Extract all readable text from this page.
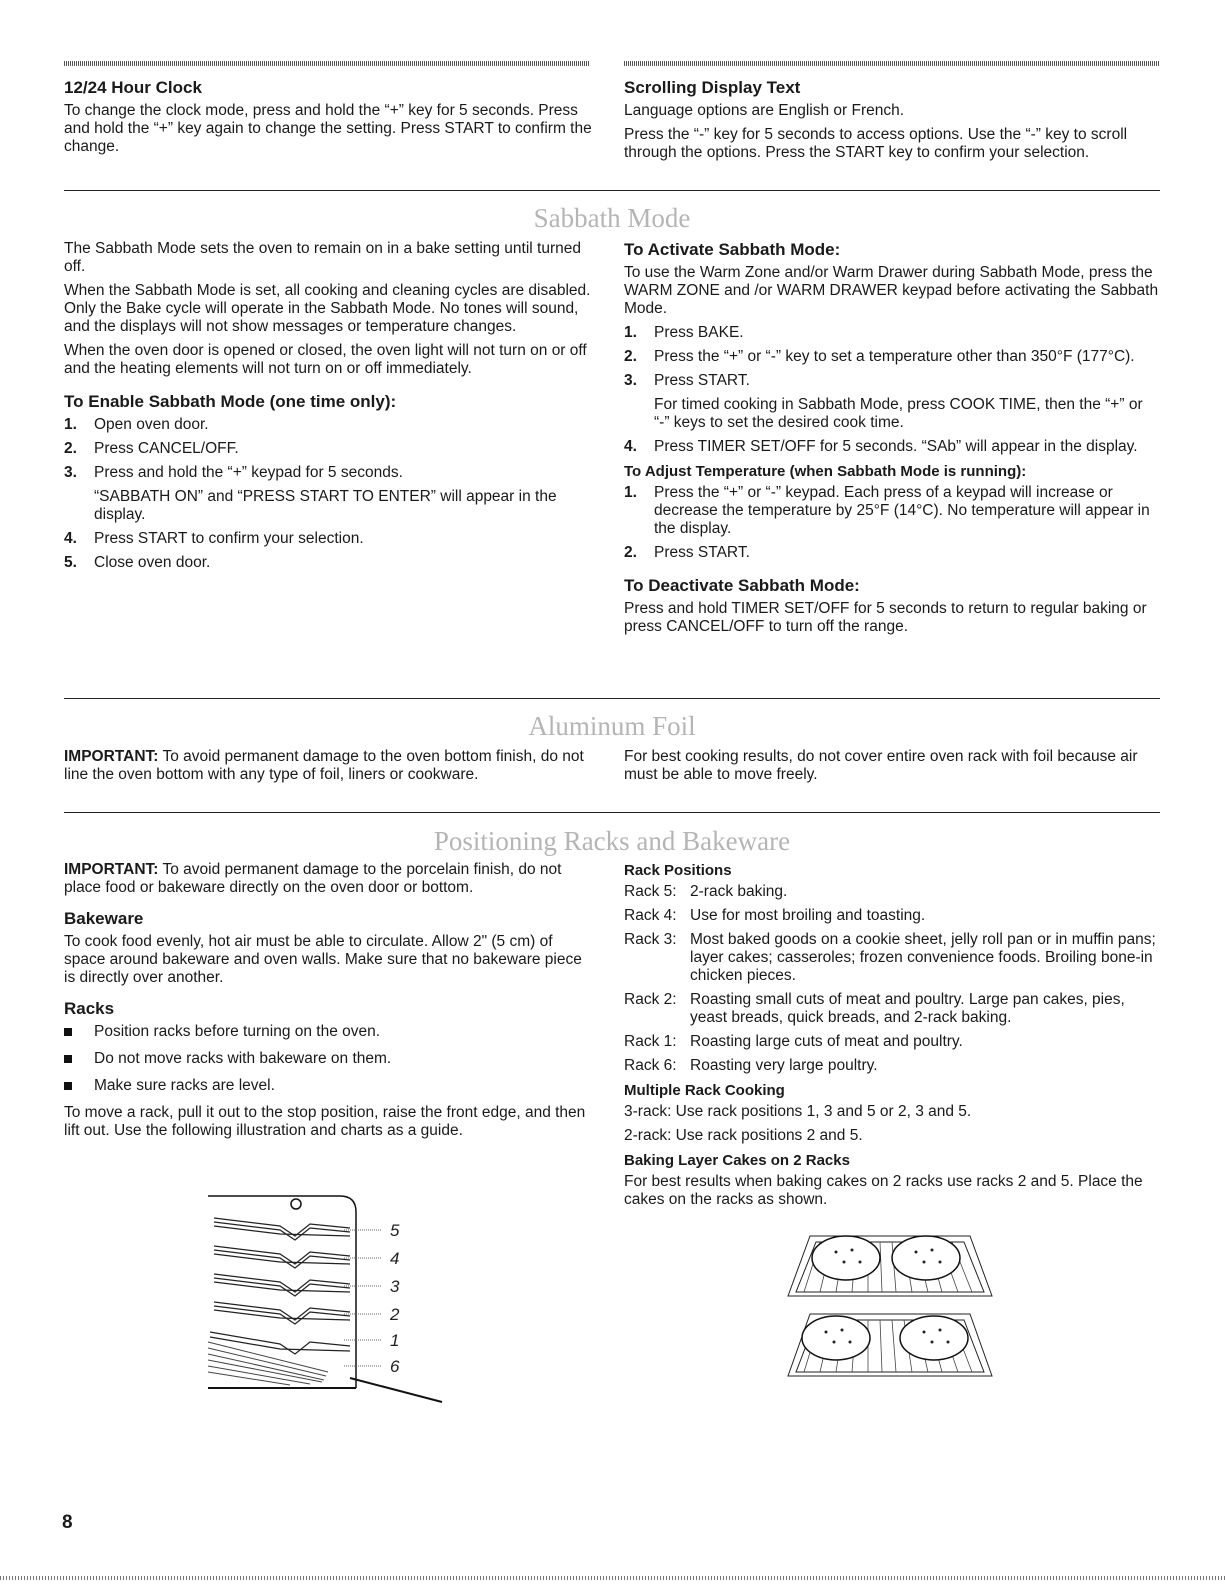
12/24 Hour Clock

To change the clock mode, press and hold the “+” key for 5 seconds. Press and hold the “+” key again to change the setting. Press START to confirm the change.

Scrolling Display Text

Language options are English or French.

Press the “-” key for 5 seconds to access options. Use the “-” key to scroll through the options. Press the START key to confirm your selection.

Sabbath Mode

The Sabbath Mode sets the oven to remain on in a bake setting until turned off.

When the Sabbath Mode is set, all cooking and cleaning cycles are disabled. Only the Bake cycle will operate in the Sabbath Mode. No tones will sound, and the displays will not show messages or temperature changes.

When the oven door is opened or closed, the oven light will not turn on or off and the heating elements will not turn on or off immediately.

To Enable Sabbath Mode (one time only):
1. Open oven door.
2. Press CANCEL/OFF.
3. Press and hold the “+” keypad for 5 seconds.
“SABBATH ON” and “PRESS START TO ENTER” will appear in the display.
4. Press START to confirm your selection.
5. Close oven door.
To Activate Sabbath Mode:

To use the Warm Zone and/or Warm Drawer during Sabbath Mode, press the WARM ZONE and /or WARM DRAWER keypad before activating the Sabbath Mode.

1. Press BAKE.
2. Press the “+” or “-” key to set a temperature other than 350°F (177°C).
3. Press START.
For timed cooking in Sabbath Mode, press COOK TIME, then the “+” or “-” keys to set the desired cook time.
4. Press TIMER SET/OFF for 5 seconds. “SAb” will appear in the display.
To Adjust Temperature (when Sabbath Mode is running):
1. Press the “+” or “-” keypad. Each press of a keypad will increase or decrease the temperature by 25°F (14°C). No temperature will appear in the display.
2. Press START.
To Deactivate Sabbath Mode:

Press and hold TIMER SET/OFF for 5 seconds to return to regular baking or press CANCEL/OFF to turn off the range.

Aluminum Foil

IMPORTANT: To avoid permanent damage to the oven bottom finish, do not line the oven bottom with any type of foil, liners or cookware.

For best cooking results, do not cover entire oven rack with foil because air must be able to move freely.

Positioning Racks and Bakeware

IMPORTANT: To avoid permanent damage to the porcelain finish, do not place food or bakeware directly on the oven door or bottom.

Bakeware

To cook food evenly, hot air must be able to circulate. Allow 2" (5 cm) of space around bakeware and oven walls. Make sure that no bakeware piece is directly over another.

Racks
Position racks before turning on the oven.
Do not move racks with bakeware on them.
Make sure racks are level.

To move a rack, pull it out to the stop position, raise the front edge, and then lift out. Use the following illustration and charts as a guide.

5
4
3
2
1
6
Rack Positions
Rack 5: 2-rack baking.
Rack 4: Use for most broiling and toasting.
Rack 3: Most baked goods on a cookie sheet, jelly roll pan or in muffin pans; layer cakes; casseroles; frozen convenience foods. Broiling bone-in chicken pieces.
Rack 2: Roasting small cuts of meat and poultry. Large pan cakes, pies, yeast breads, quick breads, and 2-rack baking.
Rack 1: Roasting large cuts of meat and poultry.
Rack 6: Roasting very large poultry.
Multiple Rack Cooking

3-rack: Use rack positions 1, 3 and 5 or 2, 3 and 5.

2-rack: Use rack positions 2 and 5.

Baking Layer Cakes on 2 Racks

For best results when baking cakes on 2 racks use racks 2 and 5. Place the cakes on the racks as shown.

8
